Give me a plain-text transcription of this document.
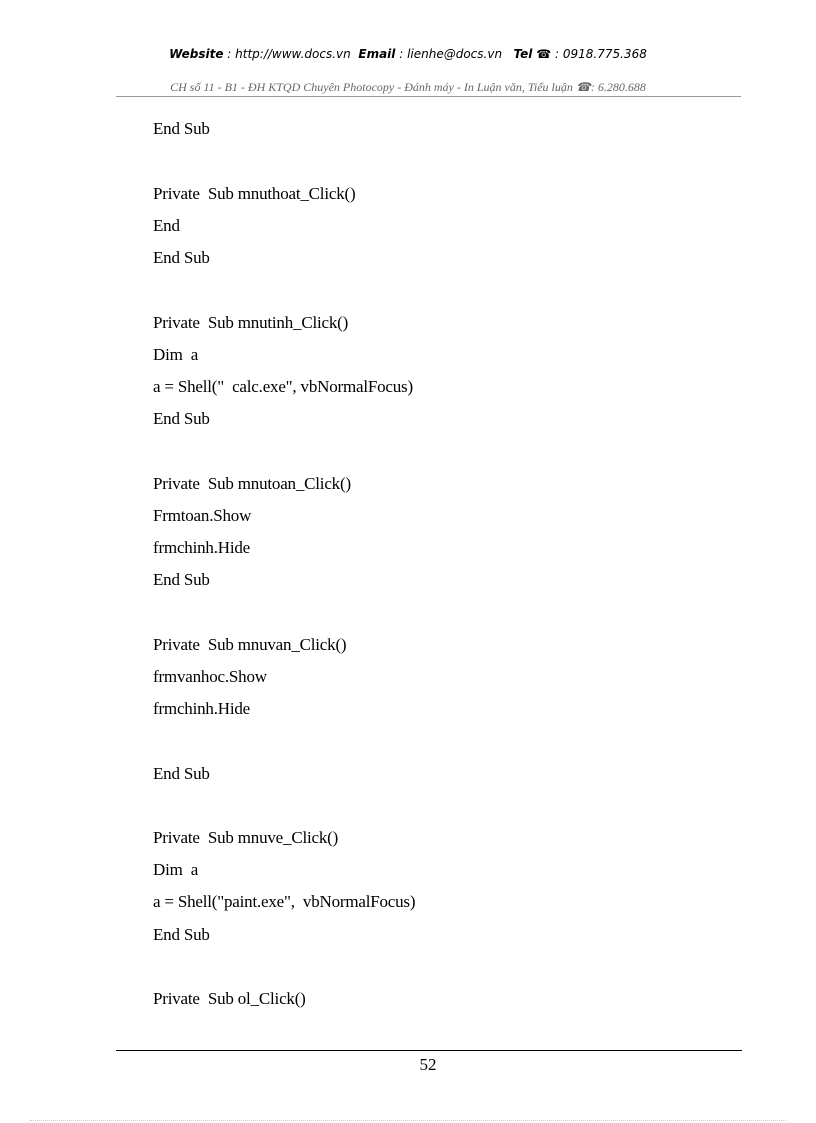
Website : http://www.docs.vn Email : lienhe@docs.vn Tel ☎ : 0918.775.368
CH số 11 - B1 - ĐH KTQD Chuyên Photocopy - Đánh máy - In Luận văn, Tiểu luận ☎: 6.280.688
End Sub
Private  Sub mnuthoat_Click()
End
End Sub
Private  Sub mnutinh_Click()
Dim  a
a = Shell("  calc.exe", vbNormalFocus)
End Sub
Private  Sub mnutoan_Click()
Frmtoan.Show
frmchinh.Hide
End Sub
Private  Sub mnuvan_Click()
frmvanhoc.Show
frmchinh.Hide
End Sub
Private  Sub mnuve_Click()
Dim  a
a = Shell("paint.exe",  vbNormalFocus)
End Sub
Private  Sub ol_Click()
52
